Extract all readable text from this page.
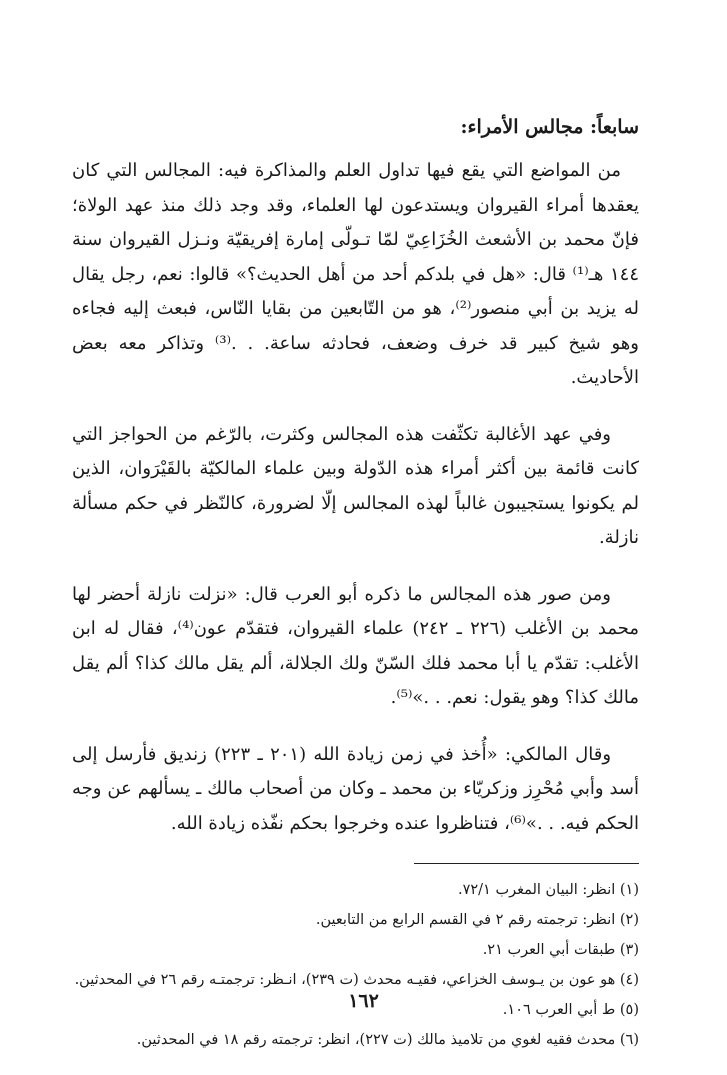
سابعاً: مجالس الأمراء:

من المواضع التي يقع فيها تداول العلم والمذاكرة فيه: المجالس التي كان يعقدها أمراء القيروان ويستدعون لها العلماء، وقد وجد ذلك منذ عهد الولاة؛ فإنّ محمد بن الأشعث الخُزَاعِيّ لمّا تـولّى إمارة إفريقيّة ونـزل القيروان سنة ١٤٤ هـ⁽¹⁾ قال: «هل في بلدكم أحد من أهل الحديث؟» قالوا: نعم، رجل يقال له يزيد بن أبي منصور⁽²⁾، هو من التّابعين من بقايا النّاس، فبعث إليه فجاءه وهو شيخ كبير قد خرف وضعف، فحادثه ساعة. . .⁽³⁾ وتذاكر معه بعض الأحاديث.

وفي عهد الأغالبة تكثّفت هذه المجالس وكثرت، بالرّغم من الحواجز التي كانت قائمة بين أكثر أمراء هذه الدّولة وبين علماء المالكيّة بالقَيْرَوان، الذين لم يكونوا يستجيبون غالباً لهذه المجالس إلّا لضرورة، كالنّظر في حكم مسألة نازلة.

ومن صور هذه المجالس ما ذكره أبو العرب قال: «نزلت نازلة أحضر لها محمد بن الأغلب (٢٢٦ ـ ٢٤٢) علماء القيروان، فتقدّم عون⁽⁴⁾، فقال له ابن الأغلب: تقدّم يا أبا محمد فلك السّنّ ولك الجلالة، ألم يقل مالك كذا؟ ألم يقل مالك كذا؟ وهو يقول: نعم. . .»⁽⁵⁾.

وقال المالكي: «أُخذ في زمن زيادة الله (٢٠١ ـ ٢٢٣) زنديق فأرسل إلى أسد وأبي مُحْرِز وزكريّاء بن محمد ـ وكان من أصحاب مالك ـ يسألهم عن وجه الحكم فيه. . .»⁽⁶⁾، فتناظروا عنده وخرجوا بحكم نفّذه زيادة الله.

(١) انظر: البيان المغرب ٧٢/١.
(٢) انظر: ترجمته رقم ٢ في القسم الرابع من التابعين.
(٣) طبقات أبي العرب ٢١.
(٤) هو عون بن يـوسف الخزاعي، فقيـه محدث (ت ٢٣٩)، انـظر: ترجمتـه رقم ٢٦ في المحدثين.
(٥) ط أبي العرب ١٠٦.
(٦) محدث فقيه لغوي من تلاميذ مالك (ت ٢٢٧)، انظر: ترجمته رقم ١٨ في المحدثين.
١٦٢
